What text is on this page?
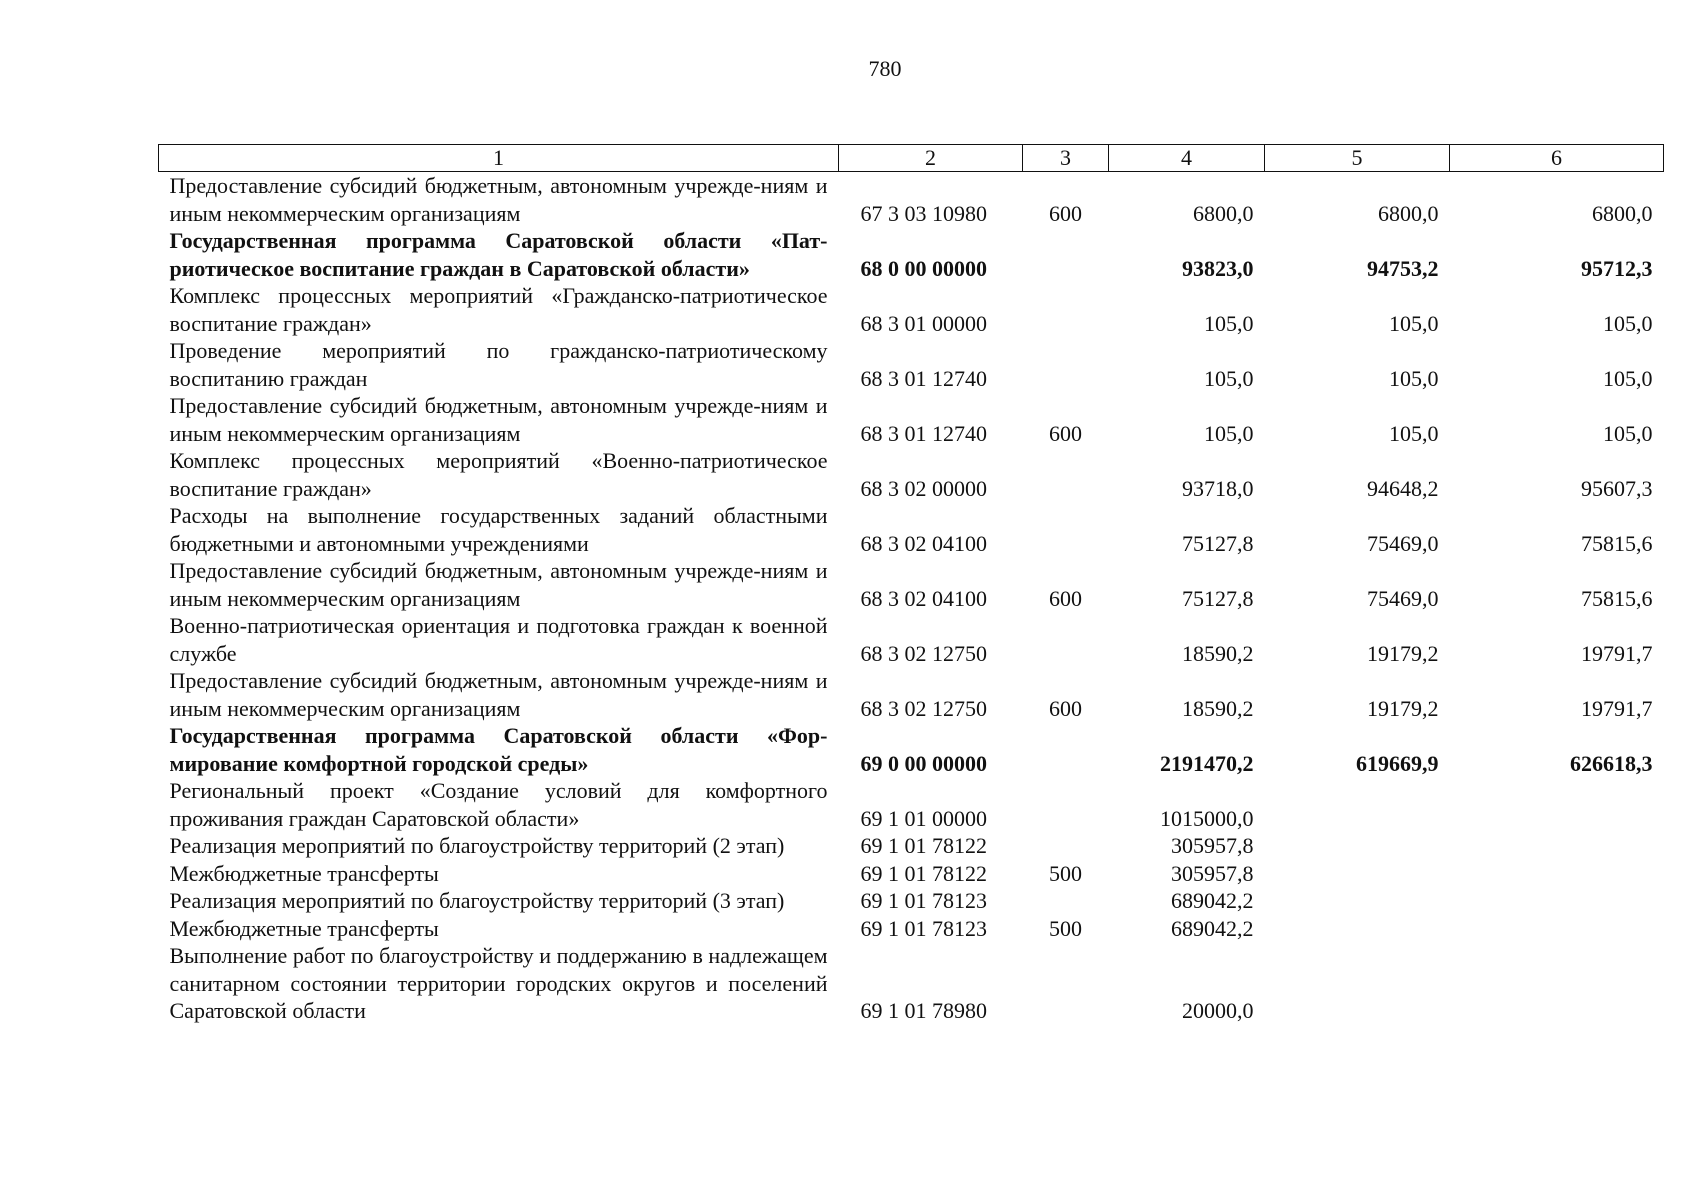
780
1	2	3	4	5	6
Предоставление субсидий бюджетным, автономным учрежде-ниям и иным некоммерческим организациям	67 3 03 10980	600	6800,0	6800,0	6800,0
Государственная программа Саратовской области «Пат-риотическое воспитание граждан в Саратовской области»	68 0 00 00000		93823,0	94753,2	95712,3
Комплекс процессных мероприятий «Гражданско-патриотическое воспитание граждан»	68 3 01 00000		105,0	105,0	105,0
Проведение мероприятий по гражданско-патриотическому воспитанию граждан	68 3 01 12740		105,0	105,0	105,0
Предоставление субсидий бюджетным, автономным учрежде-ниям и иным некоммерческим организациям	68 3 01 12740	600	105,0	105,0	105,0
Комплекс процессных мероприятий «Военно-патриотическое воспитание граждан»	68 3 02 00000		93718,0	94648,2	95607,3
Расходы на выполнение государственных заданий областными бюджетными и автономными учреждениями	68 3 02 04100		75127,8	75469,0	75815,6
Предоставление субсидий бюджетным, автономным учрежде-ниям и иным некоммерческим организациям	68 3 02 04100	600	75127,8	75469,0	75815,6
Военно-патриотическая ориентация и подготовка граждан к военной службе	68 3 02 12750		18590,2	19179,2	19791,7
Предоставление субсидий бюджетным, автономным учрежде-ниям и иным некоммерческим организациям	68 3 02 12750	600	18590,2	19179,2	19791,7
Государственная программа Саратовской области «Фор-мирование комфортной городской среды»	69 0 00 00000		2191470,2	619669,9	626618,3
Региональный проект «Создание условий для комфортного проживания граждан Саратовской области»	69 1 01 00000		1015000,0		
Реализация мероприятий по благоустройству территорий (2 этап)	69 1 01 78122		305957,8		
Межбюджетные трансферты	69 1 01 78122	500	305957,8		
Реализация мероприятий по благоустройству территорий (3 этап)	69 1 01 78123		689042,2		
Межбюджетные трансферты	69 1 01 78123	500	689042,2		
Выполнение работ по благоустройству и поддержанию в надлежащем санитарном состоянии территории городских округов и поселений Саратовской области	69 1 01 78980		20000,0		
